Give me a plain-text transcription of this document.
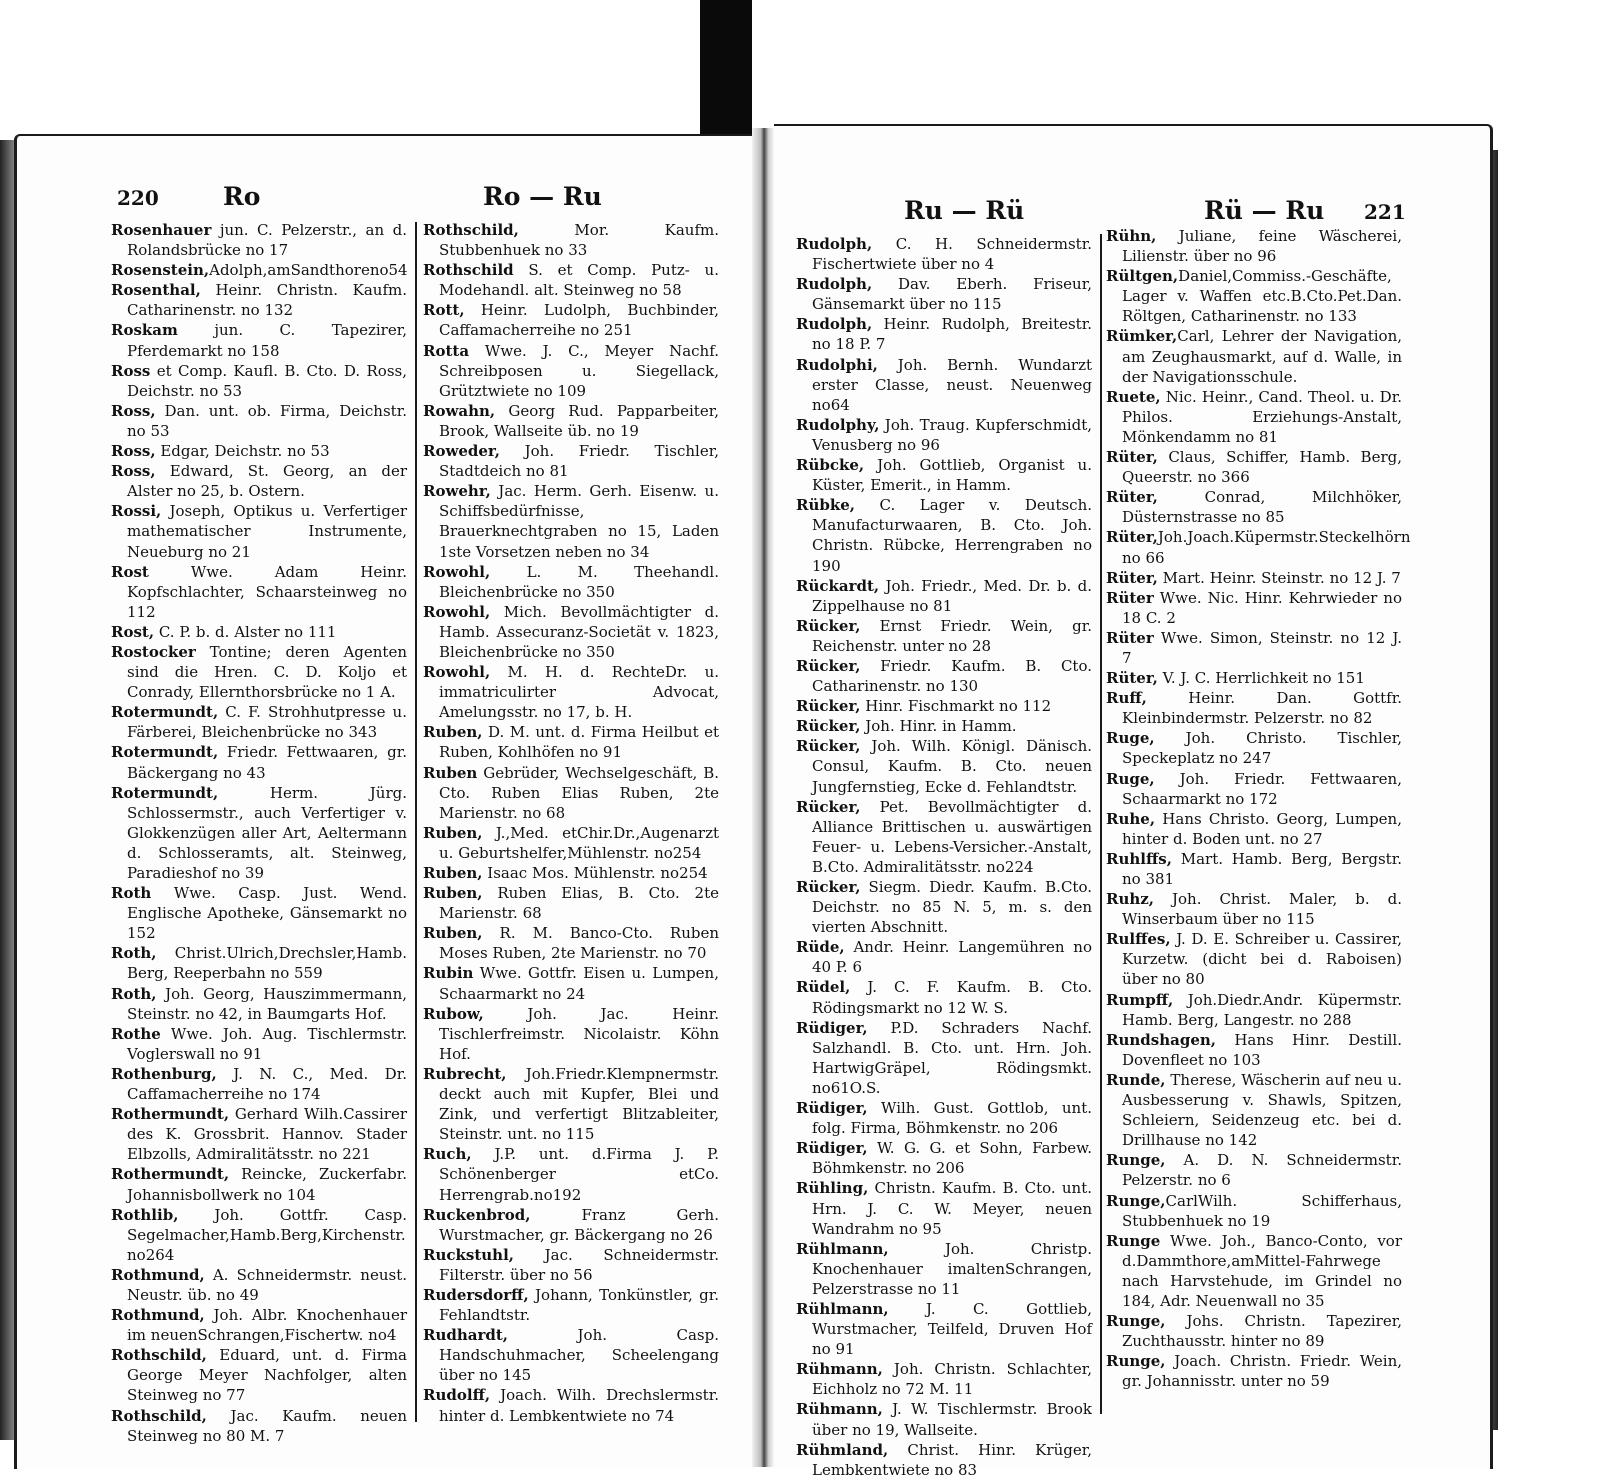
220	Ro	Ro — Ru

Rosenhauer jun. C. Pelzerstr., an d. Rolandsbrücke no 17

Rosenstein,Adolph,amSandthorenо54

Rosenthal, Heinr. Christn. Kaufm. Catharinenstr. no 132

Roskam jun. C. Tapezirer, Pferdemarkt no 158

Ross et Comp. Kaufl. B. Cto. D. Ross, Deichstr. no 53

Ross, Dan. unt. ob. Firma, Deichstr. no 53

Ross, Edgar, Deichstr. no 53

Ross, Edward, St. Georg, an der Alster no 25, b. Ostern.

Rossi, Joseph, Optikus u. Verfertiger mathematischer Instrumente, Neueburg no 21

Rost Wwe. Adam Heinr. Kopfschlachter, Schaarsteinweg no 112

Rost, C. P. b. d. Alster no 111

Rostocker Tontine; deren Agenten sind die Hren. C. D. Koljo et Conrady, Ellernthorsbrücke no 1 A.

Rotermundt, C. F. Strohhutpresse u. Färberei, Bleichenbrücke no 343

Rotermundt, Friedr. Fettwaaren, gr. Bäckergang no 43

Rotermundt, Herm. Jürg. Schlossermstr., auch Verfertiger v. Glokkenzügen aller Art, Aeltermann d. Schlosseramts, alt. Steinweg, Paradieshof no 39

Roth Wwe. Casp. Just. Wend. Englische Apotheke, Gänsemarkt no 152

Roth, Christ.Ulrich,Drechsler,Hamb. Berg, Reeperbahn no 559

Roth, Joh. Georg, Hauszimmermann, Steinstr. no 42, in Baumgarts Hof.

Rothe Wwe. Joh. Aug. Tischlermstr. Voglerswall no 91

Rothenburg, J. N. C., Med. Dr. Caffamacherreihe no 174

Rothermundt, Gerhard Wilh.Cassirer des K. Grossbrit. Hannov. Stader Elbzolls, Admiralitätsstr. no 221

Rothermundt, Reincke, Zuckerfabr. Johannisbollwerk no 104

Rothlib, Joh. Gottfr. Casp. Segelmacher,Hamb.Berg,Kirchenstr. no264

Rothmund, A. Schneidermstr. neust. Neustr. üb. no 49

Rothmund, Joh. Albr. Knochenhauer im neuenSchrangen,Fischertw. no4

Rothschild, Eduard, unt. d. Firma George Meyer Nachfolger, alten Steinweg no 77

Rothschild, Jac. Kaufm. neuen Steinweg no 80 M. 7

Rothschild, Mor. Kaufm. Stubbenhuek no 33

Rothschild S. et Comp. Putz- u. Modehandl. alt. Steinweg no 58

Rott, Heinr. Ludolph, Buchbinder, Caffamacherreihe no 251

Rotta Wwe. J. C., Meyer Nachf. Schreibposen u. Siegellack, Grütztwiete no 109

Rowahn, Georg Rud. Papparbeiter, Brook, Wallseite üb. no 19

Roweder, Joh. Friedr. Tischler, Stadtdeich no 81

Rowehr, Jac. Herm. Gerh. Eisenw. u. Schiffsbedürfnisse, Brauerknechtgraben no 15, Laden 1ste Vorsetzen neben no 34

Rowohl, L. M. Theehandl. Bleichenbrücke no 350

Rowohl, Mich. Bevollmächtigter d. Hamb. Assecuranz-Societät v. 1823, Bleichenbrücke no 350

Rowohl, M. H. d. RechteDr. u. immatriculirter Advocat, Amelungsstr. no 17, b. H.

Ruben, D. M. unt. d. Firma Heilbut et Ruben, Kohlhöfen no 91

Ruben Gebrüder, Wechselgeschäft, B. Cto. Ruben Elias Ruben, 2te Marienstr. no 68

Ruben, J.,Med. etChir.Dr.,Augenarzt u. Geburtshelfer,Mühlenstr. no254

Ruben, Isaac Mos. Mühlenstr. no254

Ruben, Ruben Elias, B. Cto. 2te Marienstr. 68

Ruben, R. M. Banco-Cto. Ruben Moses Ruben, 2te Marienstr. no 70

Rubin Wwe. Gottfr. Eisen u. Lumpen, Schaarmarkt no 24

Rubow, Joh. Jac. Heinr. Tischlerfreimstr. Nicolaistr. Köhn Hof.

Rubrecht, Joh.Friedr.Klempnermstr. deckt auch mit Kupfer, Blei und Zink, und verfertigt Blitzableiter, Steinstr. unt. no 115

Ruch, J.P. unt. d.Firma J. P. Schönenberger etCo. Herrengrab.no192

Ruckenbrod, Franz Gerh. Wurstmacher, gr. Bäckergang no 26

Ruckstuhl, Jac. Schneidermstr. Filterstr. über no 56

Rudersdorff, Johann, Tonkünstler, gr. Fehlandtstr.

Rudhardt, Joh. Casp. Handschuhmacher, Scheelengang über no 145

Rudolff, Joach. Wilh. Drechslermstr. hinter d. Lembkentwiete no 74

Ru — Rü	Rü — Ru 221

Rudolph, C. H. Schneidermstr. Fischertwiete über no 4

Rudolph, Dav. Eberh. Friseur, Gänsemarkt über no 115

Rudolph, Heinr. Rudolph, Breitestr. no 18 P. 7

Rudolphi, Joh. Bernh. Wundarzt erster Classe, neust. Neuenweg no64

Rudolphy, Joh. Traug. Kupferschmidt, Venusberg no 96

Rübcke, Joh. Gottlieb, Organist u. Küster, Emerit., in Hamm.

Rübke, C. Lager v. Deutsch. Manufacturwaaren, B. Cto. Joh. Christn. Rübcke, Herrengraben no 190

Rückardt, Joh. Friedr., Med. Dr. b. d. Zippelhause no 81

Rücker, Ernst Friedr. Wein, gr. Reichenstr. unter no 28

Rücker, Friedr. Kaufm. B. Cto. Catharinenstr. no 130

Rücker, Hinr. Fischmarkt no 112

Rücker, Joh. Hinr. in Hamm.

Rücker, Joh. Wilh. Königl. Dänisch. Consul, Kaufm. B. Cto. neuen Jungfernstieg, Ecke d. Fehlandtstr.

Rücker, Pet. Bevollmächtigter d. Alliance Brittischen u. auswärtigen Feuer- u. Lebens-Versicher.-Anstalt, B.Cto. Admiralitätsstr. no224

Rücker, Siegm. Diedr. Kaufm. B.Cto. Deichstr. no 85 N. 5, m. s. den vierten Abschnitt.

Rüde, Andr. Heinr. Langemühren no 40 P. 6

Rüdel, J. C. F. Kaufm. B. Cto. Rödingsmarkt no 12 W. S.

Rüdiger, P.D. Schraders Nachf. Salzhandl. B. Cto. unt. Hrn. Joh. HartwigGräpel, Rödingsmkt. no61O.S.

Rüdiger, Wilh. Gust. Gottlob, unt. folg. Firma, Böhmkenstr. no 206

Rüdiger, W. G. G. et Sohn, Farbew. Böhmkenstr. no 206

Rühling, Christn. Kaufm. B. Cto. unt. Hrn. J. C. W. Meyer, neuen Wandrahm no 95

Rühlmann, Joh. Christp. Knochenhauer imaltenSchrangen, Pelzerstrasse no 11

Rühlmann, J. C. Gottlieb, Wurstmacher, Teilfeld, Druven Hof no 91

Rühmann, Joh. Christn. Schlachter, Eichholz no 72 M. 11

Rühmann, J. W. Tischlermstr. Brook über no 19, Wallseite.

Rühmland, Christ. Hinr. Krüger, Lembkentwiete no 83

Rühn, Juliane, feine Wäscherei, Lilienstr. über no 96

Rültgen,Daniel,Commiss.-Geschäfte, Lager v. Waffen etc.B.Cto.Pet.Dan. Röltgen, Catharinenstr. no 133

Rümker,Carl, Lehrer der Navigation, am Zeughausmarkt, auf d. Walle, in der Navigationsschule.

Ruete, Nic. Heinr., Cand. Theol. u. Dr. Philos. Erziehungs-Anstalt, Mönkendamm no 81

Rüter, Claus, Schiffer, Hamb. Berg, Queerstr. no 366

Rüter, Conrad, Milchhöker, Düsternstrasse no 85

Rüter,Joh.Joach.Küpermstr.Steckelhörn no 66

Rüter, Mart. Heinr. Steinstr. no 12 J. 7

Rüter Wwe. Nic. Hinr. Kehrwieder no 18 C. 2

Rüter Wwe. Simon, Steinstr. no 12 J. 7

Rüter, V. J. C. Herrlichkeit no 151

Ruff, Heinr. Dan. Gottfr. Kleinbindermstr. Pelzerstr. no 82

Ruge, Joh. Christo. Tischler, Speckeplatz no 247

Ruge, Joh. Friedr. Fettwaaren, Schaarmarkt no 172

Ruhe, Hans Christo. Georg, Lumpen, hinter d. Boden unt. no 27

Ruhlffs, Mart. Hamb. Berg, Bergstr. no 381

Ruhz, Joh. Christ. Maler, b. d. Winserbaum über no 115

Rulffes, J. D. E. Schreiber u. Cassirer, Kurzetw. (dicht bei d. Raboisen) über no 80

Rumpff, Joh.Diedr.Andr. Küpermstr. Hamb. Berg, Langestr. no 288

Rundshagen, Hans Hinr. Destill. Dovenfleet no 103

Runde, Therese, Wäscherin auf neu u. Ausbesserung v. Shawls, Spitzen, Schleiern, Seidenzeug etc. bei d. Drillhause no 142

Runge, A. D. N. Schneidermstr. Pelzerstr. no 6

Runge,CarlWilh. Schifferhaus, Stubbenhuek no 19

Runge Wwe. Joh., Banco-Conto, vor d.Dammthore,amMittel-Fahrwege nach Harvstehude, im Grindel no 184, Adr. Neuenwall no 35

Runge, Johs. Christn. Tapezirer, Zuchthausstr. hinter no 89

Runge, Joach. Christn. Friedr. Wein, gr. Johannisstr. unter no 59
